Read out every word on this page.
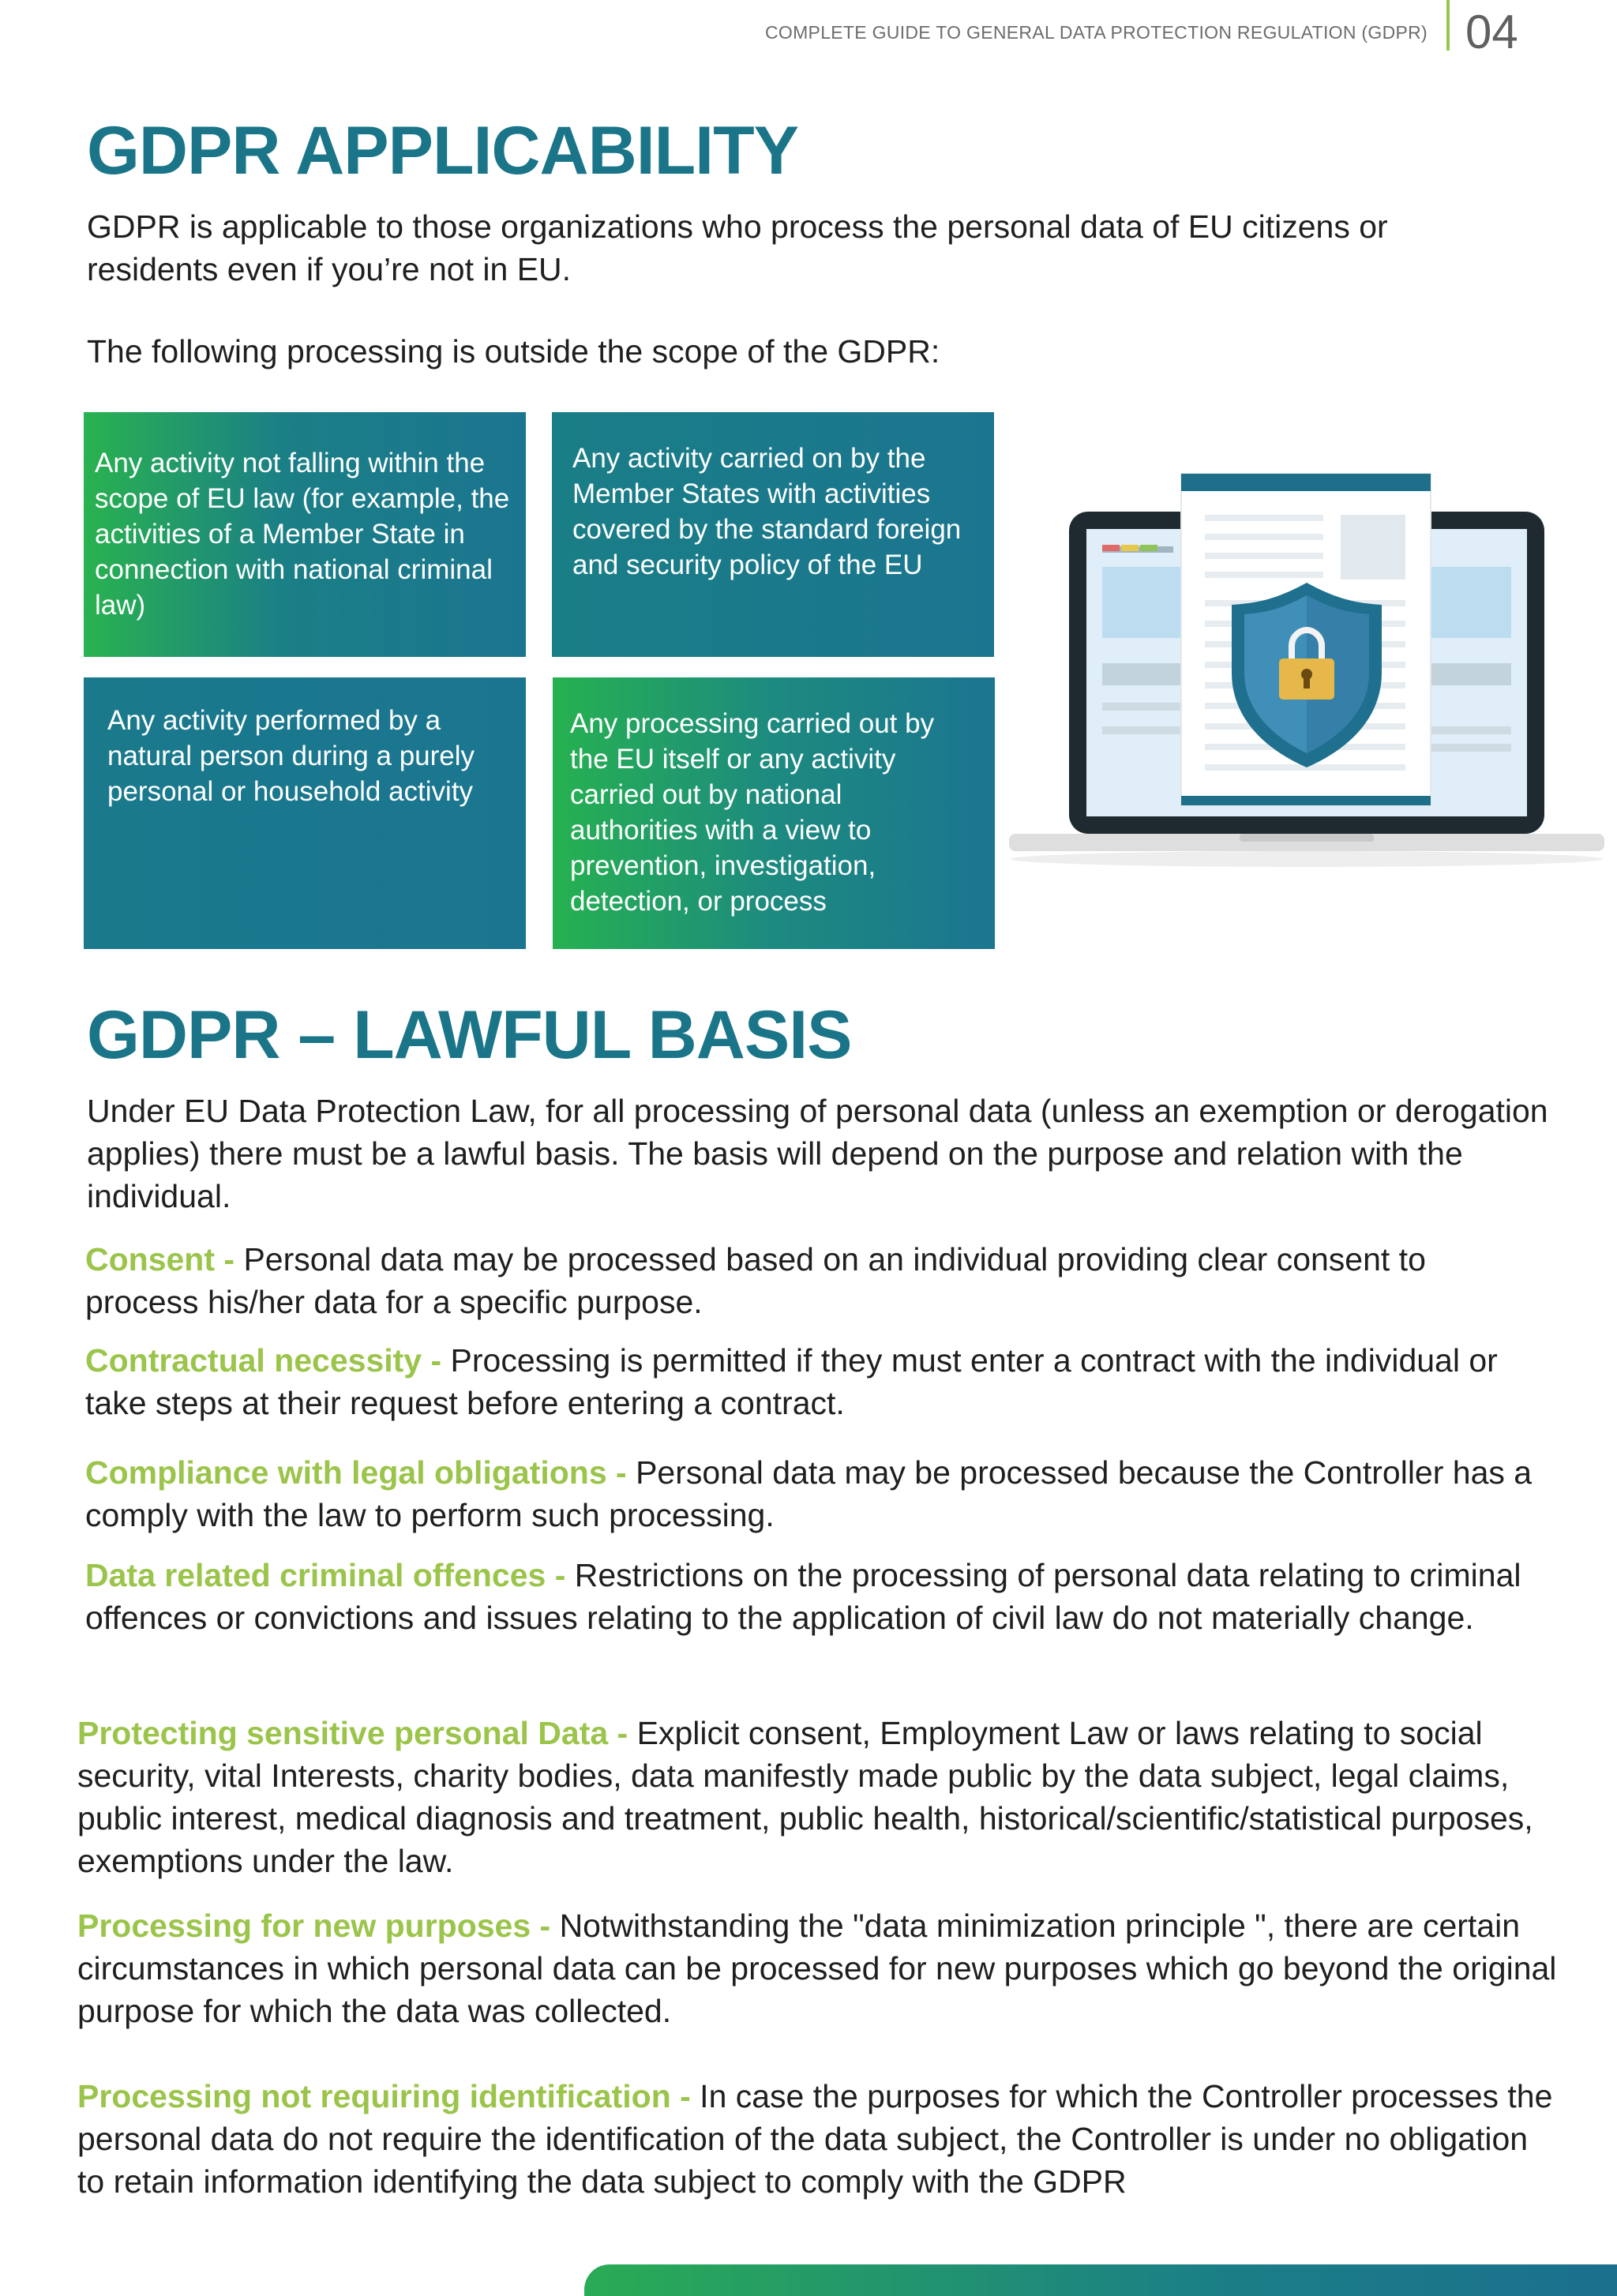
COMPLETE GUIDE TO GENERAL DATA PROTECTION REGULATION (GDPR) 04
GDPR APPLICABILITY

GDPR is applicable to those organizations who process the personal data of EU citizens or
residents even if you’re not in EU.

The following processing is outside the scope of the GDPR:

Any activity not falling within the scope of EU law (for example, the activities of a Member State in connection with national criminal law)
Any activity carried on by the Member States with activities covered by the standard foreign and security policy of the EU
Any activity performed by a natural person during a purely personal or household activity
Any processing carried out by the EU itself or any activity carried out by national authorities with a view to prevention, investigation, detection, or process
GDPR – LAWFUL BASIS

Under EU Data Protection Law, for all processing of personal data (unless an exemption or derogation applies) there must be a lawful basis. The basis will depend on the purpose and relation with the individual.

Consent - Personal data may be processed based on an individual providing clear consent to process his/her data for a specific purpose.

Contractual necessity - Processing is permitted if they must enter a contract with the individual or take steps at their request before entering a contract.

Compliance with legal obligations - Personal data may be processed because the Controller has a comply with the law to perform such processing.

Data related criminal offences - Restrictions on the processing of personal data relating to criminal offences or convictions and issues relating to the application of civil law do not materially change.

Protecting sensitive personal Data - Explicit consent, Employment Law or laws relating to social security, vital Interests, charity bodies, data manifestly made public by the data subject, legal claims, public interest, medical diagnosis and treatment, public health, historical/scientific/statistical purposes, exemptions under the law.

Processing for new purposes - Notwithstanding the "data minimization principle ", there are certain circumstances in which personal data can be processed for new purposes which go beyond the original purpose for which the data was collected.

Processing not requiring identification - In case the purposes for which the Controller processes the personal data do not require the identification of the data subject, the Controller is under no obligation to retain information identifying the data subject to comply with the GDPR
